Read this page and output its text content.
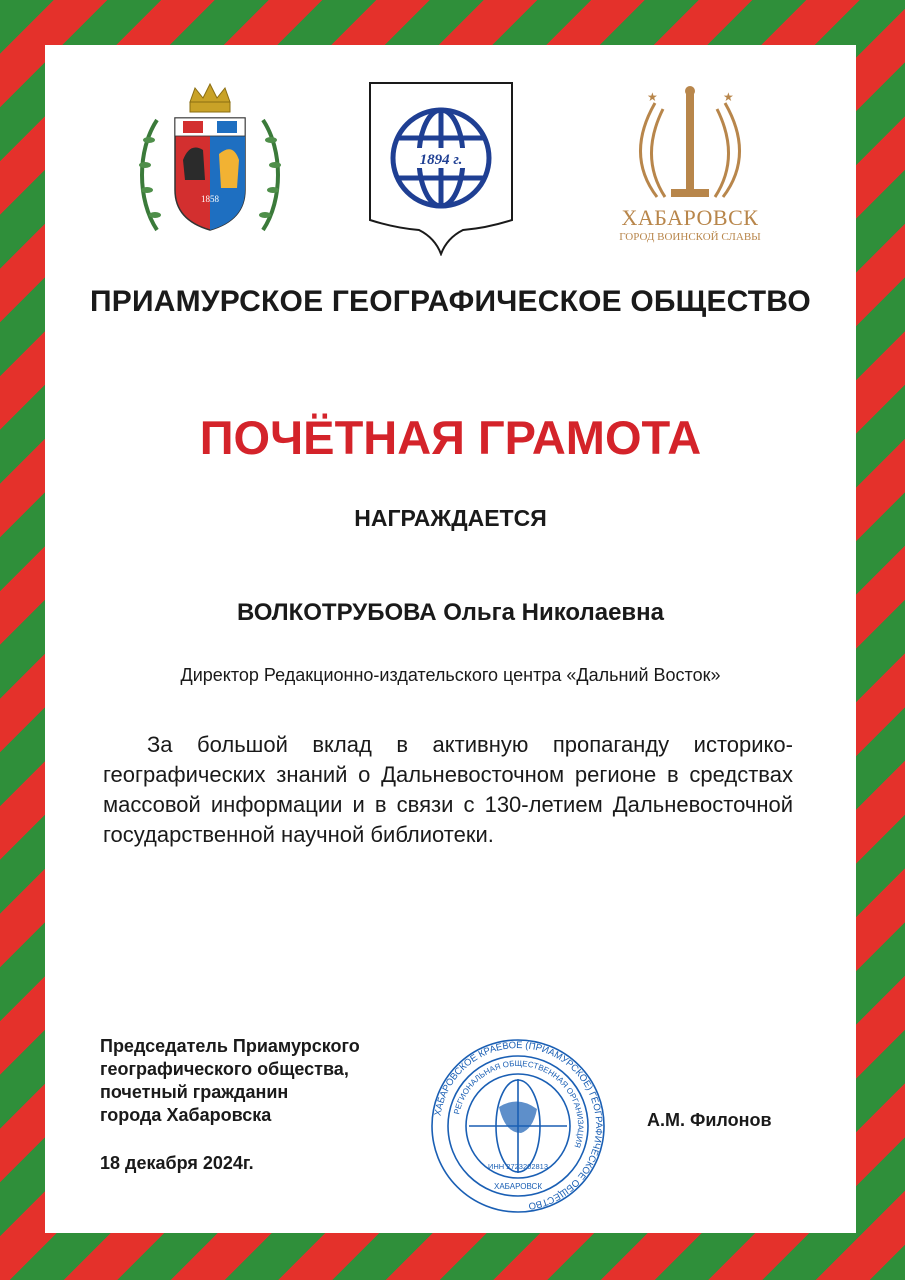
1858
1894 г.
★	★
ХАБАРОВСК
ГОРОД ВОИНСКОЙ СЛАВЫ
ПРИАМУРСКОЕ ГЕОГРАФИЧЕСКОЕ ОБЩЕСТВО
ПОЧЁТНАЯ ГРАМОТА
НАГРАЖДАЕТСЯ
ВОЛКОТРУБОВА Ольга Николаевна
Директор Редакционно-издательского центра «Дальний Восток»
За большой вклад в активную пропаганду историко-географических знаний о Дальневосточном регионе в средствах массовой информации и в связи с 130-летием Дальневосточной государственной научной библиотеки.
Председатель Приамурского
географического общества,
почетный гражданин
города Хабаровска
18 декабря 2024г.
А.М. Филонов
ХАБАРОВСКОЕ КРАЕВОЕ (ПРИАМУРСКОЕ) ГЕОГРАФИЧЕСКОЕ ОБЩЕСТВО
РЕГИОНАЛЬНАЯ ОБЩЕСТВЕННАЯ ОРГАНИЗАЦИЯ
ИНН 2723202813
ХАБАРОВСК
